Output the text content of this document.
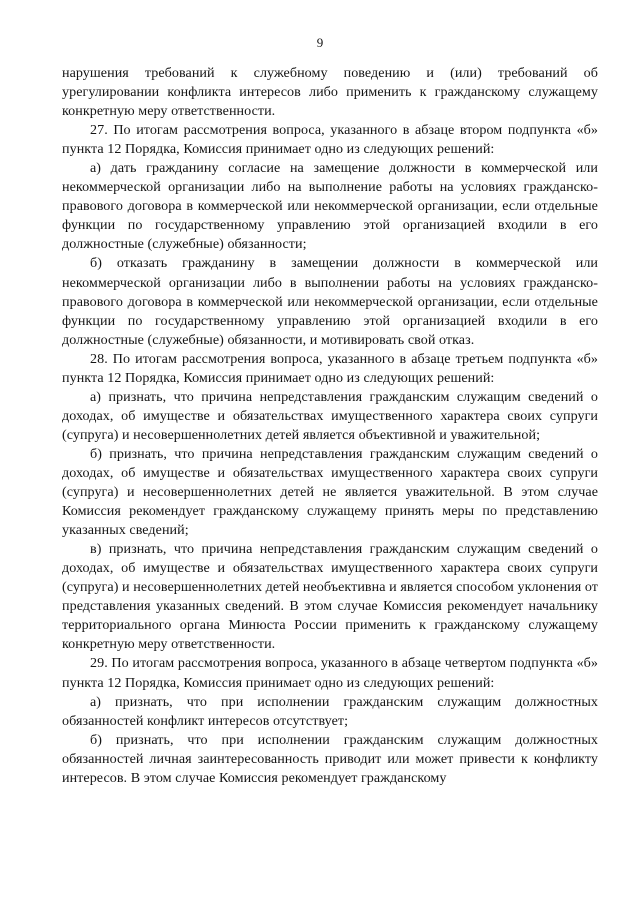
9

нарушения требований к служебному поведению и (или) требований об урегулировании конфликта интересов либо применить к гражданскому служащему конкретную меру ответственности.

27. По итогам рассмотрения вопроса, указанного в абзаце втором подпункта «б» пункта 12 Порядка, Комиссия принимает одно из следующих решений:

а) дать гражданину согласие на замещение должности в коммерческой или некоммерческой организации либо на выполнение работы на условиях гражданско-правового договора в коммерческой или некоммерческой организации, если отдельные функции по государственному управлению этой организацией входили в его должностные (служебные) обязанности;

б) отказать гражданину в замещении должности в коммерческой или некоммерческой организации либо в выполнении работы на условиях гражданско-правового договора в коммерческой или некоммерческой организации, если отдельные функции по государственному управлению этой организацией входили в его должностные (служебные) обязанности, и мотивировать свой отказ.

28. По итогам рассмотрения вопроса, указанного в абзаце третьем подпункта «б» пункта 12 Порядка, Комиссия принимает одно из следующих решений:

а) признать, что причина непредставления гражданским служащим сведений о доходах, об имуществе и обязательствах имущественного характера своих супруги (супруга) и несовершеннолетних детей является объективной и уважительной;

б) признать, что причина непредставления гражданским служащим сведений о доходах, об имуществе и обязательствах имущественного характера своих супруги (супруга) и несовершеннолетних детей не является уважительной. В этом случае Комиссия рекомендует гражданскому служащему принять меры по представлению указанных сведений;

в) признать, что причина непредставления гражданским служащим сведений о доходах, об имуществе и обязательствах имущественного характера своих супруги (супруга) и несовершеннолетних детей необъективна и является способом уклонения от представления указанных сведений. В этом случае Комиссия рекомендует начальнику территориального органа Минюста России применить к гражданскому служащему конкретную меру ответственности.

29. По итогам рассмотрения вопроса, указанного в абзаце четвертом подпункта «б» пункта 12 Порядка, Комиссия принимает одно из следующих решений:

а) признать, что при исполнении гражданским служащим должностных обязанностей конфликт интересов отсутствует;

б) признать, что при исполнении гражданским служащим должностных обязанностей личная заинтересованность приводит или может привести к конфликту интересов. В этом случае Комиссия рекомендует гражданскому
